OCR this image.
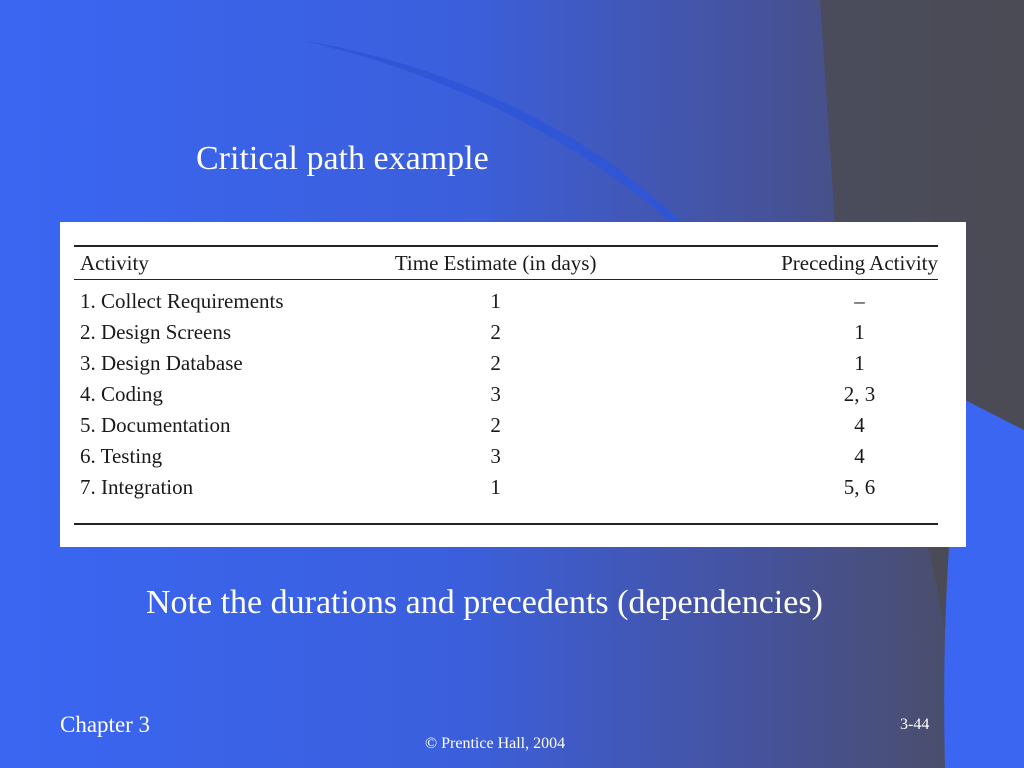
Critical path example
Activity	Time Estimate (in days)	Preceding Activity
1. Collect Requirements	1	–
2. Design Screens	2	1
3. Design Database	2	1
4. Coding	3	2, 3
5. Documentation	2	4
6. Testing	3	4
7. Integration	1	5, 6
Note the durations and precedents (dependencies)
Chapter 3
© Prentice Hall, 2004
3-44
